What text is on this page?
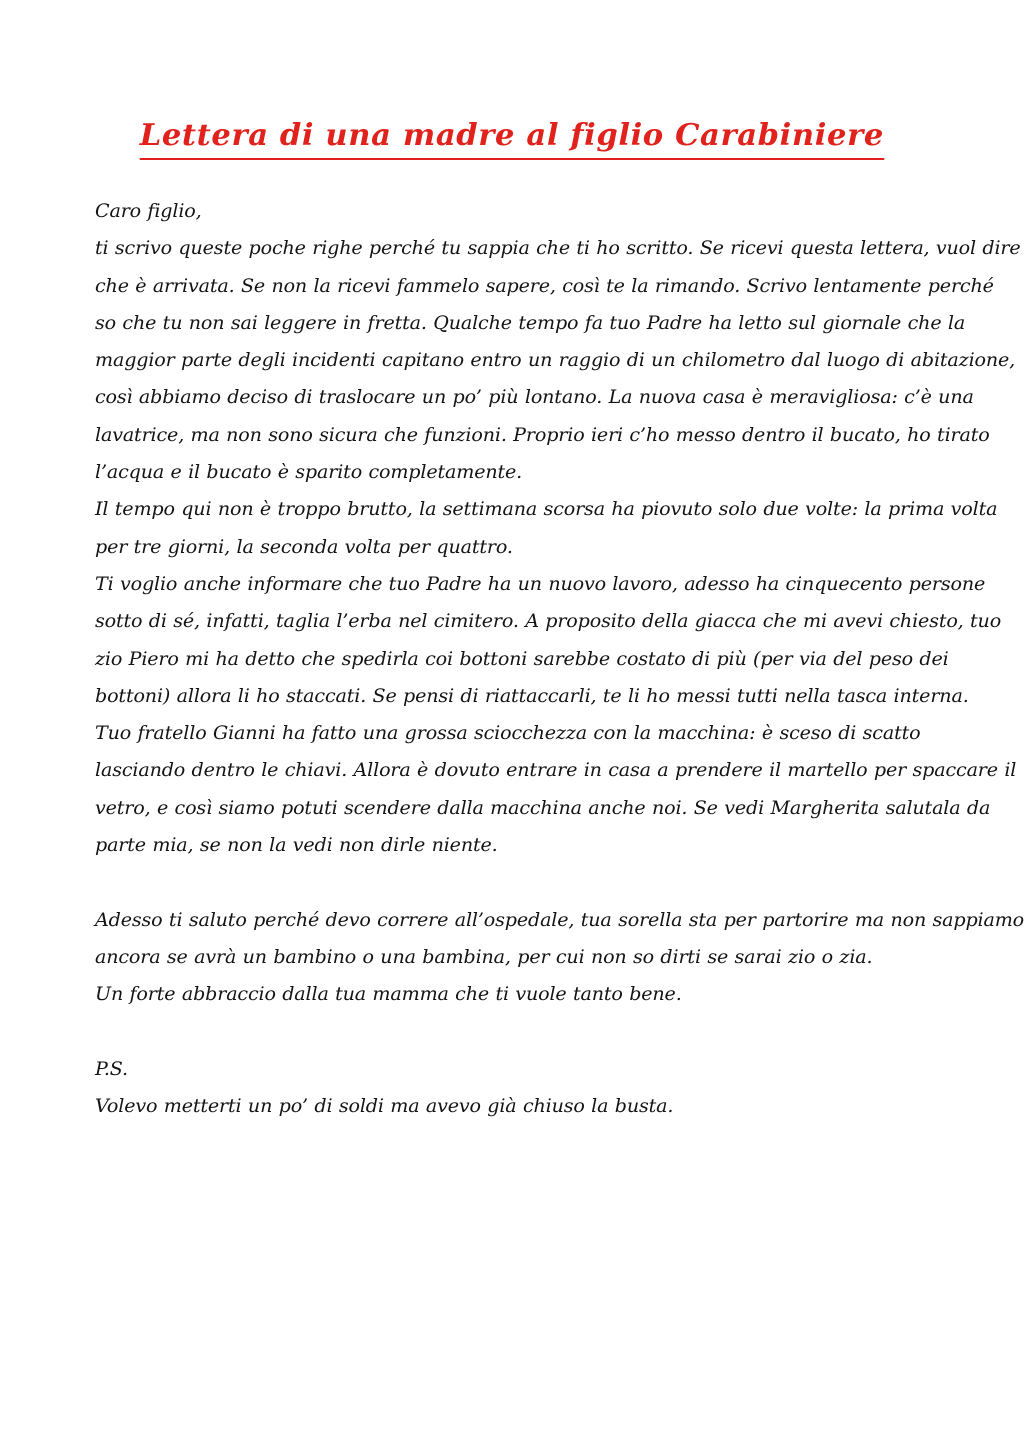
Lettera di una madre al figlio Carabiniere
Caro figlio,
ti scrivo queste poche righe perché tu sappia che ti ho scritto. Se ricevi questa lettera, vuol dire
che è arrivata. Se non la ricevi fammelo sapere, così te la rimando. Scrivo lentamente perché
so che tu non sai leggere in fretta. Qualche tempo fa tuo Padre ha letto sul giornale che la
maggior parte degli incidenti capitano entro un raggio di un chilometro dal luogo di abitazione,
così abbiamo deciso di traslocare un po’ più lontano. La nuova casa è meravigliosa: c’è una
lavatrice, ma non sono sicura che funzioni. Proprio ieri c’ho messo dentro il bucato, ho tirato
l’acqua e il bucato è sparito completamente.
Il tempo qui non è troppo brutto, la settimana scorsa ha piovuto solo due volte: la prima volta
per tre giorni, la seconda volta per quattro.
Ti voglio anche informare che tuo Padre ha un nuovo lavoro, adesso ha cinquecento persone
sotto di sé, infatti, taglia l’erba nel cimitero. A proposito della giacca che mi avevi chiesto, tuo
zio Piero mi ha detto che spedirla coi bottoni sarebbe costato di più (per via del peso dei
bottoni) allora li ho staccati. Se pensi di riattaccarli, te li ho messi tutti nella tasca interna.
Tuo fratello Gianni ha fatto una grossa sciocchezza con la macchina: è sceso di scatto
lasciando dentro le chiavi. Allora è dovuto entrare in casa a prendere il martello per spaccare il
vetro, e così siamo potuti scendere dalla macchina anche noi. Se vedi Margherita salutala da
parte mia, se non la vedi non dirle niente.
Adesso ti saluto perché devo correre all’ospedale, tua sorella sta per partorire ma non sappiamo
ancora se avrà un bambino o una bambina, per cui non so dirti se sarai zio o zia.
Un forte abbraccio dalla tua mamma che ti vuole tanto bene.
P.S.
Volevo metterti un po’ di soldi ma avevo già chiuso la busta.
